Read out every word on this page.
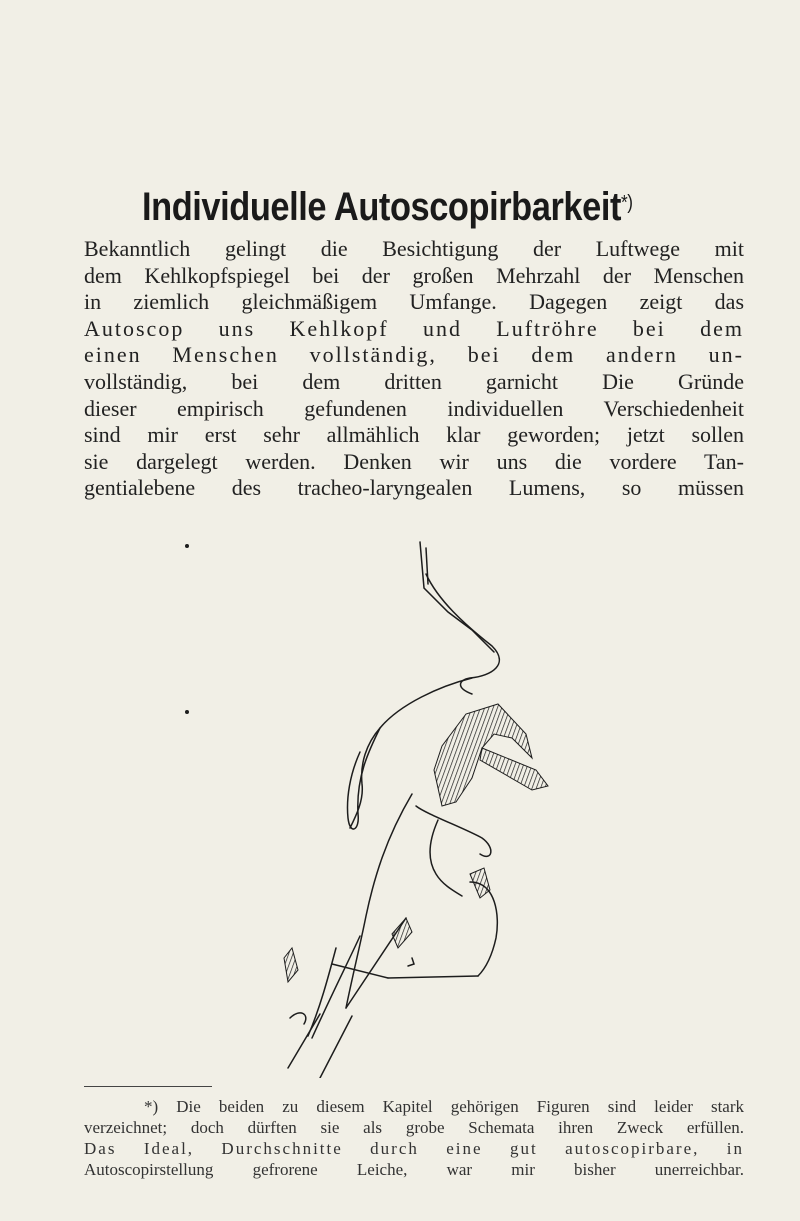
Individuelle Autoscopirbarkeit*)
Bekanntlich gelingt die Besichtigung der Luftwege mit
dem Kehlkopfspiegel bei der großen Mehrzahl der Menschen
in ziemlich gleichmäßigem Umfange. Dagegen zeigt das
Autoscop uns Kehlkopf und Luftröhre bei dem
einen Menschen vollständig, bei dem andern un-
vollständig, bei dem dritten garnicht Die Gründe
dieser empirisch gefundenen individuellen Verschiedenheit
sind mir erst sehr allmählich klar geworden; jetzt sollen
sie dargelegt werden. Denken wir uns die vordere Tan-
gentialebene des tracheo-laryngealen Lumens, so müssen
*) Die beiden zu diesem Kapitel gehörigen Figuren sind leider stark
verzeichnet; doch dürften sie als grobe Schemata ihren Zweck erfüllen.
Das Ideal, Durchschnitte durch eine gut autoscopirbare, in
Autoscopirstellung gefrorene Leiche, war mir bisher unerreichbar.
